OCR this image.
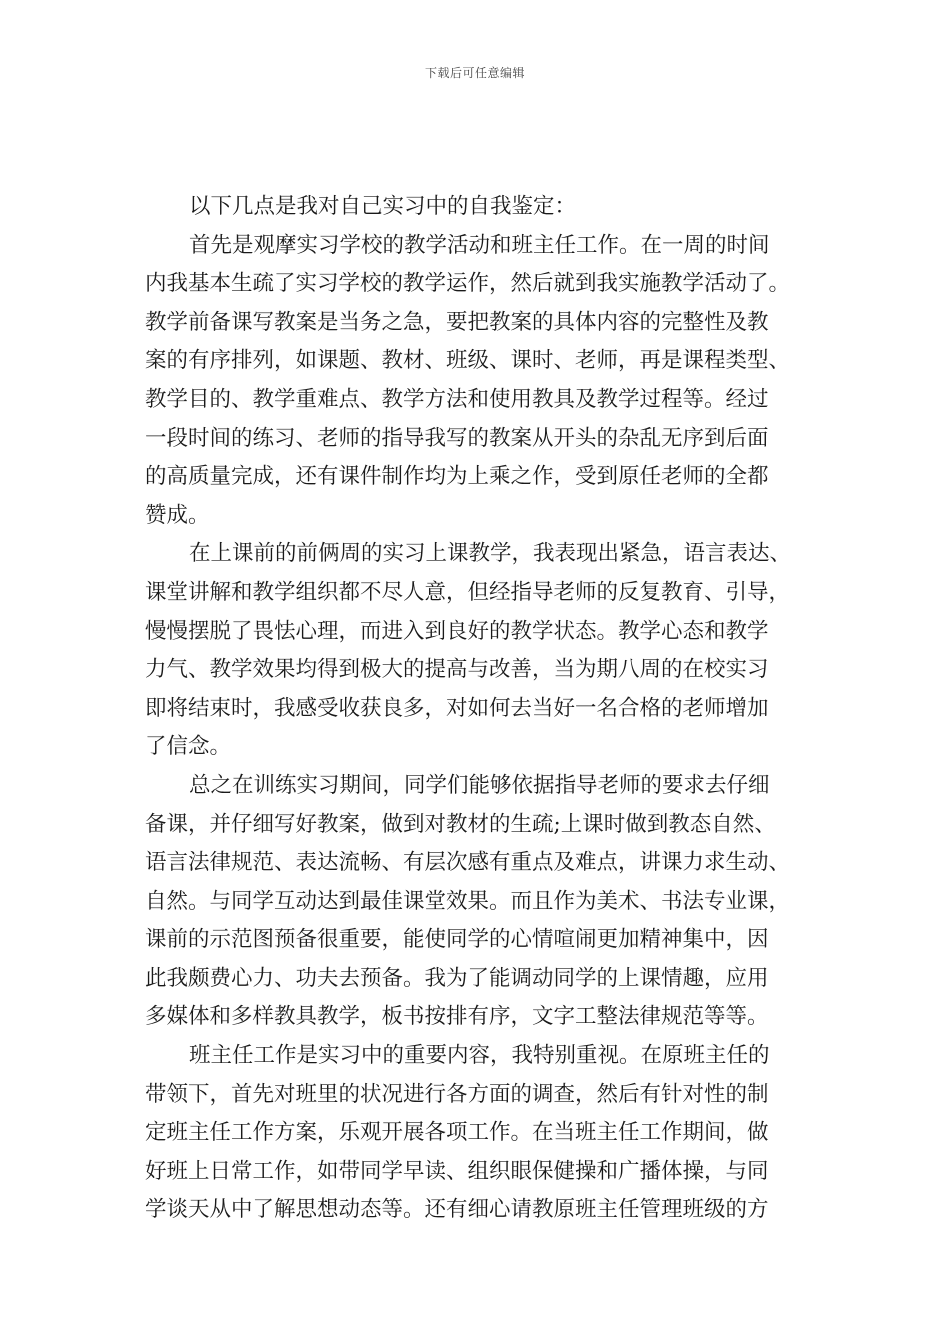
下载后可任意编辑
以下几点是我对自己实习中的自我鉴定：
首先是观摩实习学校的教学活动和班主任工作。在一周的时间
内我基本生疏了实习学校的教学运作，然后就到我实施教学活动了。
教学前备课写教案是当务之急，要把教案的具体内容的完整性及教
案的有序排列，如课题、教材、班级、课时、老师，再是课程类型、
教学目的、教学重难点、教学方法和使用教具及教学过程等。经过
一段时间的练习、老师的指导我写的教案从开头的杂乱无序到后面
的高质量完成，还有课件制作均为上乘之作，受到原任老师的全都
赞成。
在上课前的前俩周的实习上课教学，我表现出紧急，语言表达、
课堂讲解和教学组织都不尽人意，但经指导老师的反复教育、引导，
慢慢摆脱了畏怯心理，而进入到良好的教学状态。教学心态和教学
力气、教学效果均得到极大的提高与改善，当为期八周的在校实习
即将结束时，我感受收获良多，对如何去当好一名合格的老师增加
了信念。
总之在训练实习期间，同学们能够依据指导老师的要求去仔细
备课，并仔细写好教案，做到对教材的生疏;上课时做到教态自然、
语言法律规范、表达流畅、有层次感有重点及难点，讲课力求生动、
自然。与同学互动达到最佳课堂效果。而且作为美术、书法专业课，
课前的示范图预备很重要，能使同学的心情喧闹更加精神集中，因
此我颇费心力、功夫去预备。我为了能调动同学的上课情趣，应用
多媒体和多样教具教学，板书按排有序，文字工整法律规范等等。
班主任工作是实习中的重要内容，我特别重视。在原班主任的
带领下，首先对班里的状况进行各方面的调查，然后有针对性的制
定班主任工作方案，乐观开展各项工作。在当班主任工作期间，做
好班上日常工作，如带同学早读、组织眼保健操和广播体操，与同
学谈天从中了解思想动态等。还有细心请教原班主任管理班级的方
